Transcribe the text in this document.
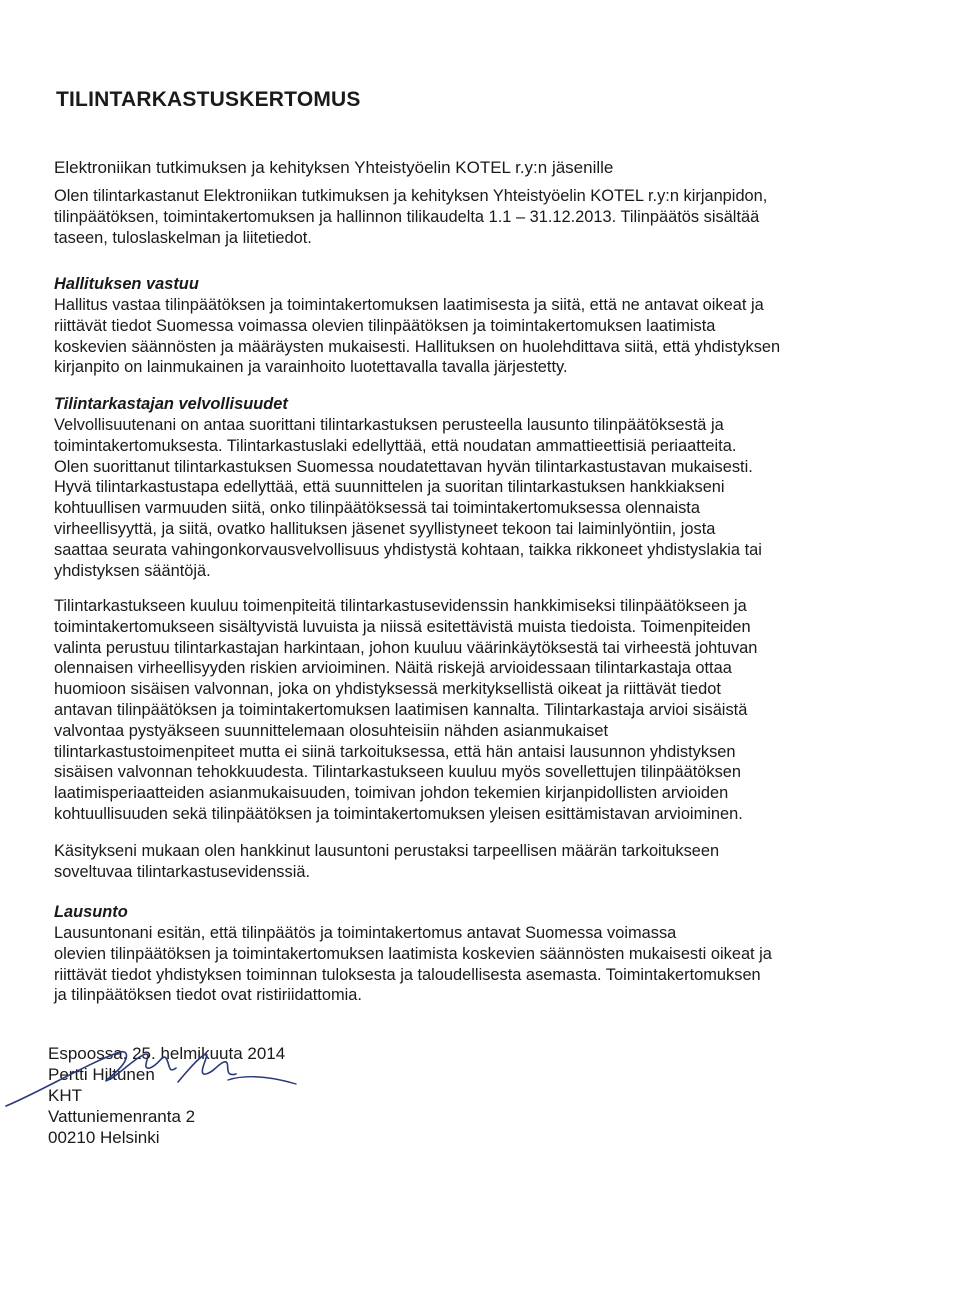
TILINTARKASTUSKERTOMUS
Elektroniikan tutkimuksen ja kehityksen Yhteistyöelin KOTEL r.y:n jäsenille
Olen tilintarkastanut Elektroniikan tutkimuksen ja kehityksen Yhteistyöelin KOTEL r.y:n kirjanpidon,
tilinpäätöksen, toimintakertomuksen ja hallinnon tilikaudelta 1.1 – 31.12.2013. Tilinpäätös sisältää
taseen, tuloslaskelman ja liitetiedot.
Hallituksen vastuu
Hallitus vastaa tilinpäätöksen ja toimintakertomuksen laatimisesta ja siitä, että ne antavat oikeat ja
riittävät tiedot Suomessa voimassa olevien tilinpäätöksen ja toimintakertomuksen laatimista
koskevien säännösten ja määräysten mukaisesti. Hallituksen on huolehdittava siitä, että yhdistyksen
kirjanpito on lainmukainen ja varainhoito luotettavalla tavalla järjestetty.
Tilintarkastajan velvollisuudet
Velvollisuutenani on antaa suorittani tilintarkastuksen perusteella lausunto tilinpäätöksestä ja
toimintakertomuksesta. Tilintarkastuslaki edellyttää, että noudatan ammattieettisiä periaatteita.
Olen suorittanut tilintarkastuksen Suomessa noudatettavan hyvän tilintarkastustavan mukaisesti.
Hyvä tilintarkastustapa edellyttää, että suunnittelen ja suoritan tilintarkastuksen hankkiakseni
kohtuullisen varmuuden siitä, onko tilinpäätöksessä tai toimintakertomuksessa olennaista
virheellisyyttä, ja siitä, ovatko hallituksen jäsenet syyllistyneet tekoon tai laiminlyöntiin, josta
saattaa seurata vahingonkorvausvelvollisuus yhdistystä kohtaan, taikka rikkoneet yhdistyslakia tai
yhdistyksen sääntöjä.
Tilintarkastukseen kuuluu toimenpiteitä tilintarkastusevidenssin hankkimiseksi tilinpäätökseen ja
toimintakertomukseen sisältyvistä luvuista ja niissä esitettävistä muista tiedoista. Toimenpiteiden
valinta perustuu tilintarkastajan harkintaan, johon kuuluu väärinkäytöksestä tai virheestä johtuvan
olennaisen virheellisyyden riskien arvioiminen. Näitä riskejä arvioidessaan tilintarkastaja ottaa
huomioon sisäisen valvonnan, joka on yhdistyksessä merkityksellistä oikeat ja riittävät tiedot
antavan tilinpäätöksen ja toimintakertomuksen laatimisen kannalta. Tilintarkastaja arvioi sisäistä
valvontaa pystyäkseen suunnittelemaan olosuhteisiin nähden asianmukaiset
tilintarkastustoimenpiteet mutta ei siinä tarkoituksessa, että hän antaisi lausunnon yhdistyksen
sisäisen valvonnan tehokkuudesta. Tilintarkastukseen kuuluu myös sovellettujen tilinpäätöksen
laatimisperiaatteiden asianmukaisuuden, toimivan johdon tekemien kirjanpidollisten arvioiden
kohtuullisuuden sekä tilinpäätöksen ja toimintakertomuksen yleisen esittämistavan arvioiminen.
Käsitykseni mukaan olen hankkinut lausuntoni perustaksi tarpeellisen määrän tarkoitukseen
soveltuvaa tilintarkastusevidenssiä.
Lausunto
Lausuntonani esitän, että tilinpäätös ja toimintakertomus antavat Suomessa voimassa
olevien tilinpäätöksen ja toimintakertomuksen laatimista koskevien säännösten mukaisesti oikeat ja
riittävät tiedot yhdistyksen toiminnan tuloksesta ja taloudellisesta asemasta. Toimintakertomuksen
ja tilinpäätöksen tiedot ovat ristiriidattomia.
Espoossa, 25. helmikuuta 2014
Pertti Hiltunen
KHT
Vattuniemenranta 2
00210 Helsinki
